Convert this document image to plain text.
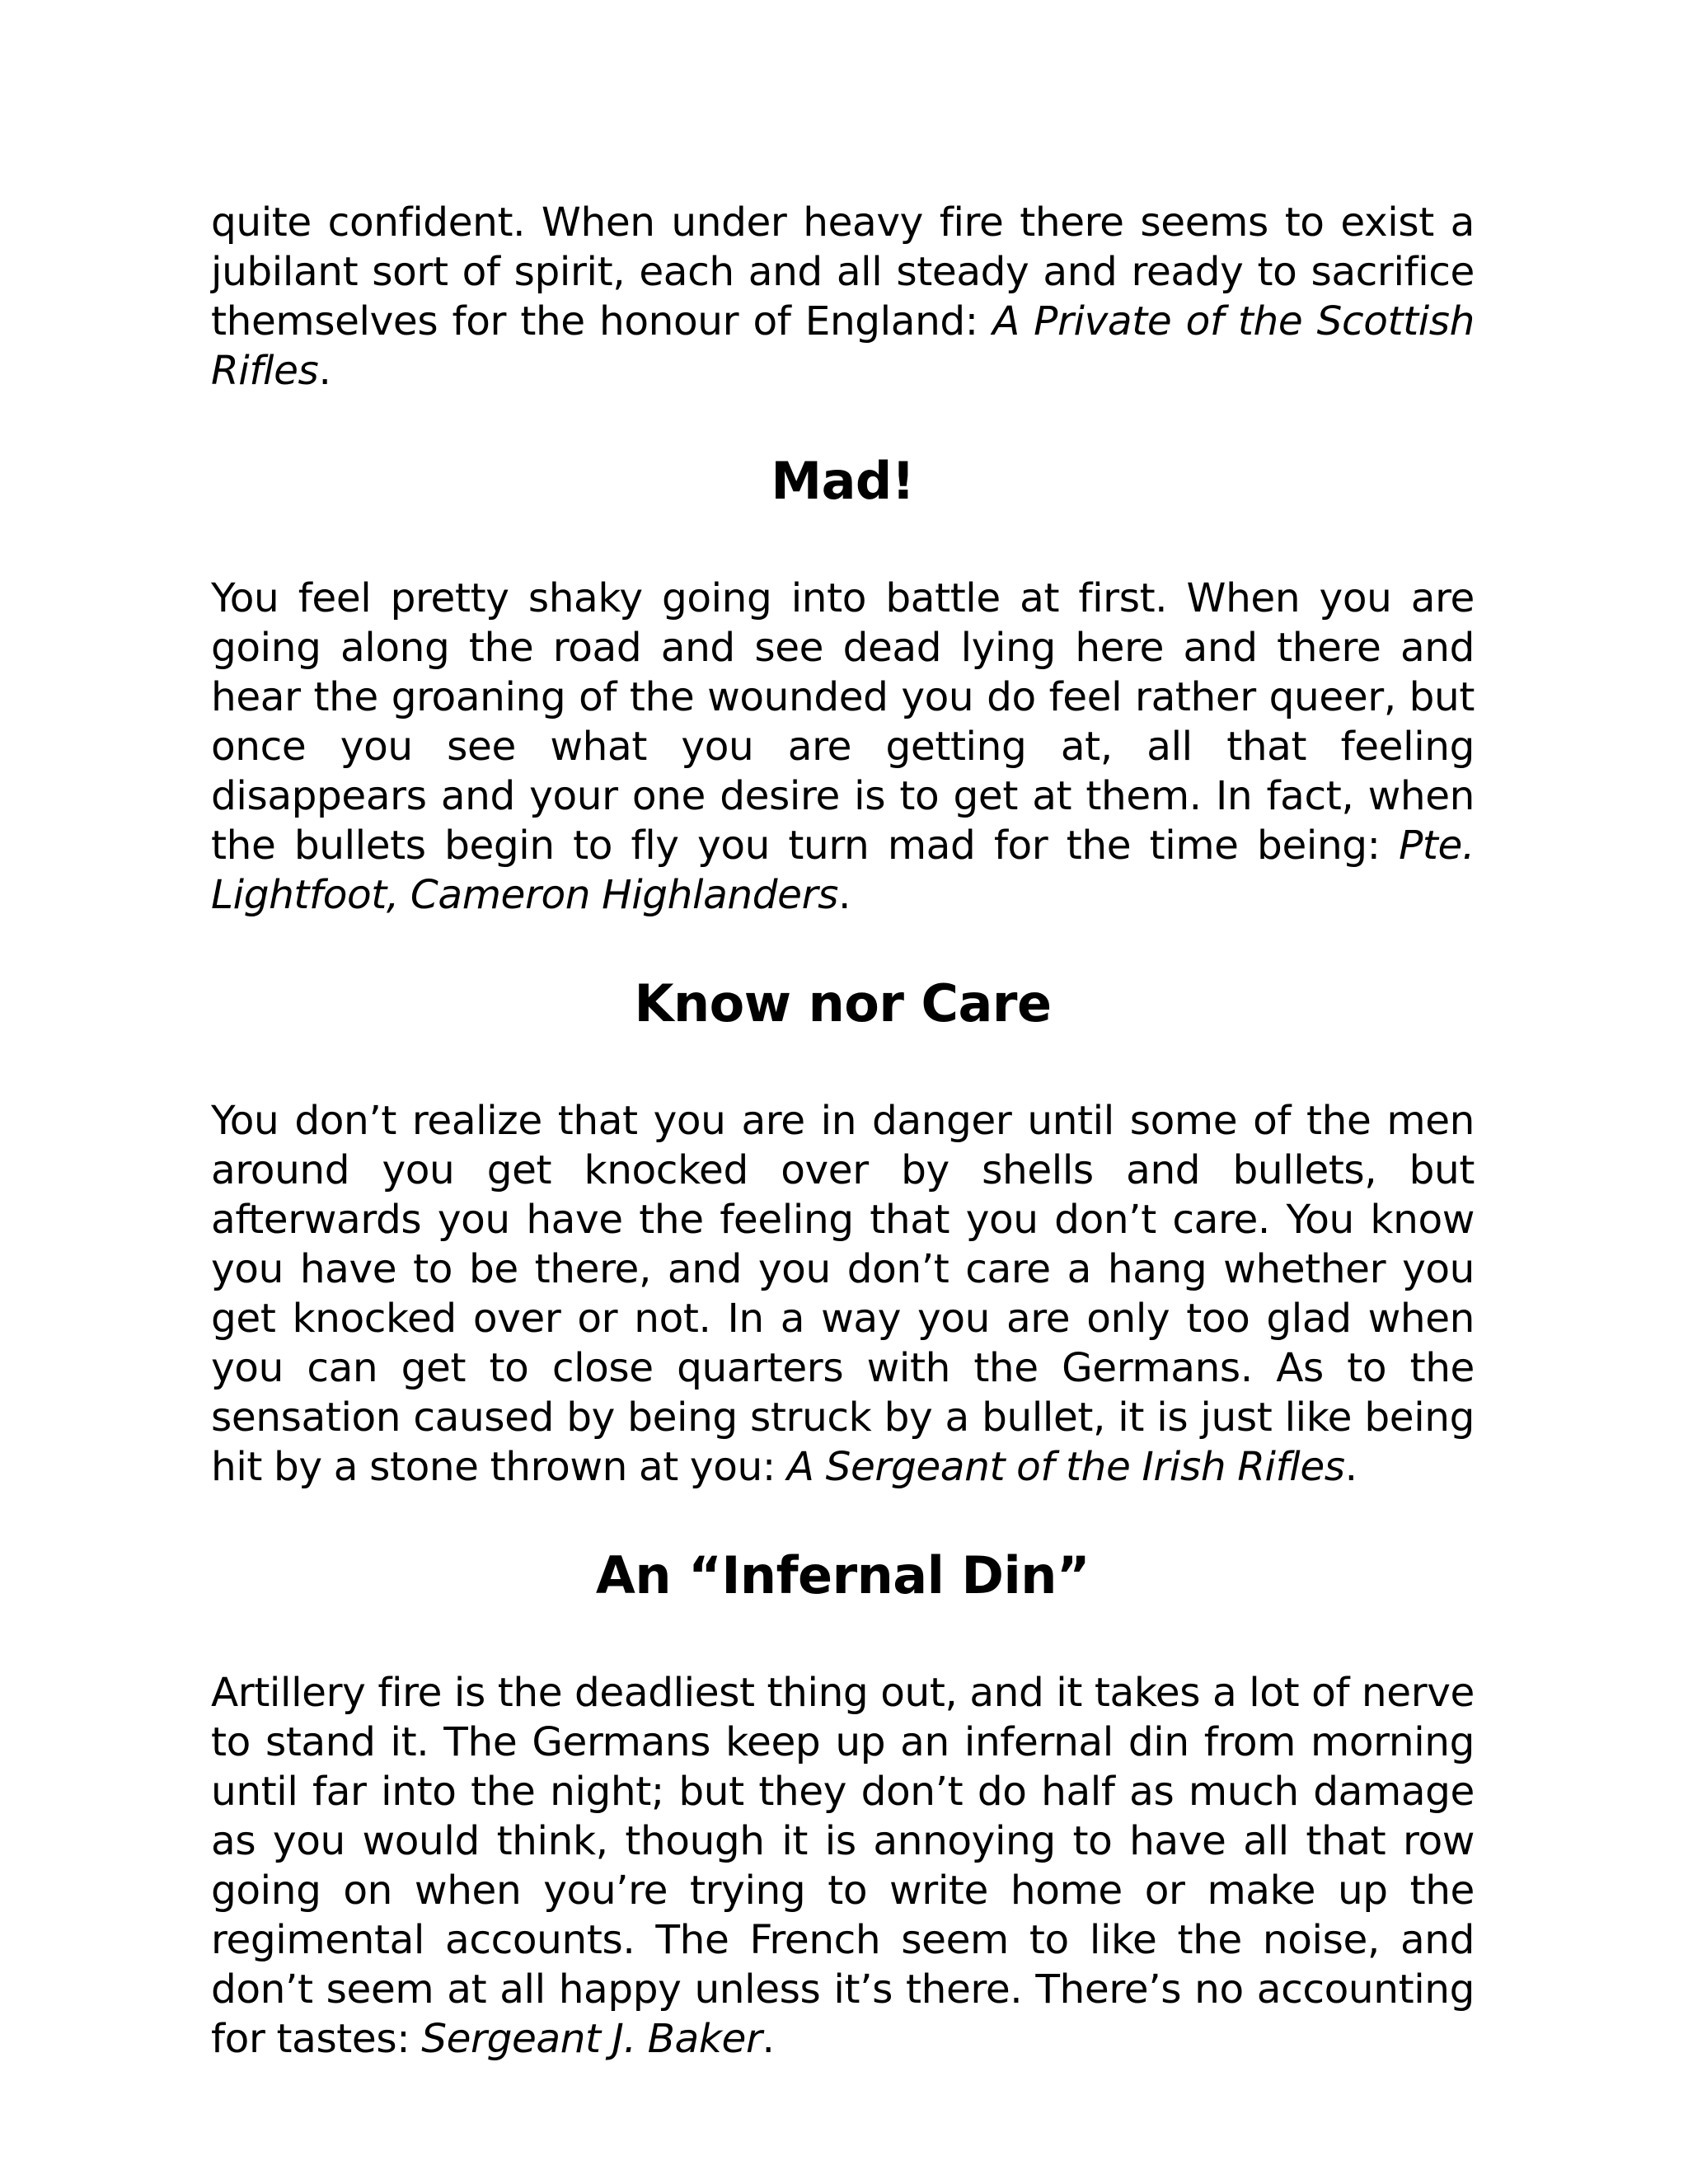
quite confident. When under heavy fire there seems to exist a jubilant sort of spirit, each and all steady and ready to sacrifice themselves for the honour of England: A Private of the Scottish Rifles.

Mad!

You feel pretty shaky going into battle at first. When you are going along the road and see dead lying here and there and hear the groaning of the wounded you do feel rather queer, but once you see what you are getting at, all that feeling disappears and your one desire is to get at them. In fact, when the bullets begin to fly you turn mad for the time being: Pte. Lightfoot, Cameron Highlanders.

Know nor Care

You don’t realize that you are in danger until some of the men around you get knocked over by shells and bullets, but afterwards you have the feeling that you don’t care. You know you have to be there, and you don’t care a hang whether you get knocked over or not. In a way you are only too glad when you can get to close quarters with the Germans. As to the sensation caused by being struck by a bullet, it is just like being hit by a stone thrown at you: A Sergeant of the Irish Rifles.

An “Infernal Din”

Artillery fire is the deadliest thing out, and it takes a lot of nerve to stand it. The Germans keep up an infernal din from morning until far into the night; but they don’t do half as much damage as you would think, though it is annoying to have all that row going on when you’re trying to write home or make up the regimental accounts. The French seem to like the noise, and don’t seem at all happy unless it’s there. There’s no accounting for tastes: Sergeant J. Baker.
